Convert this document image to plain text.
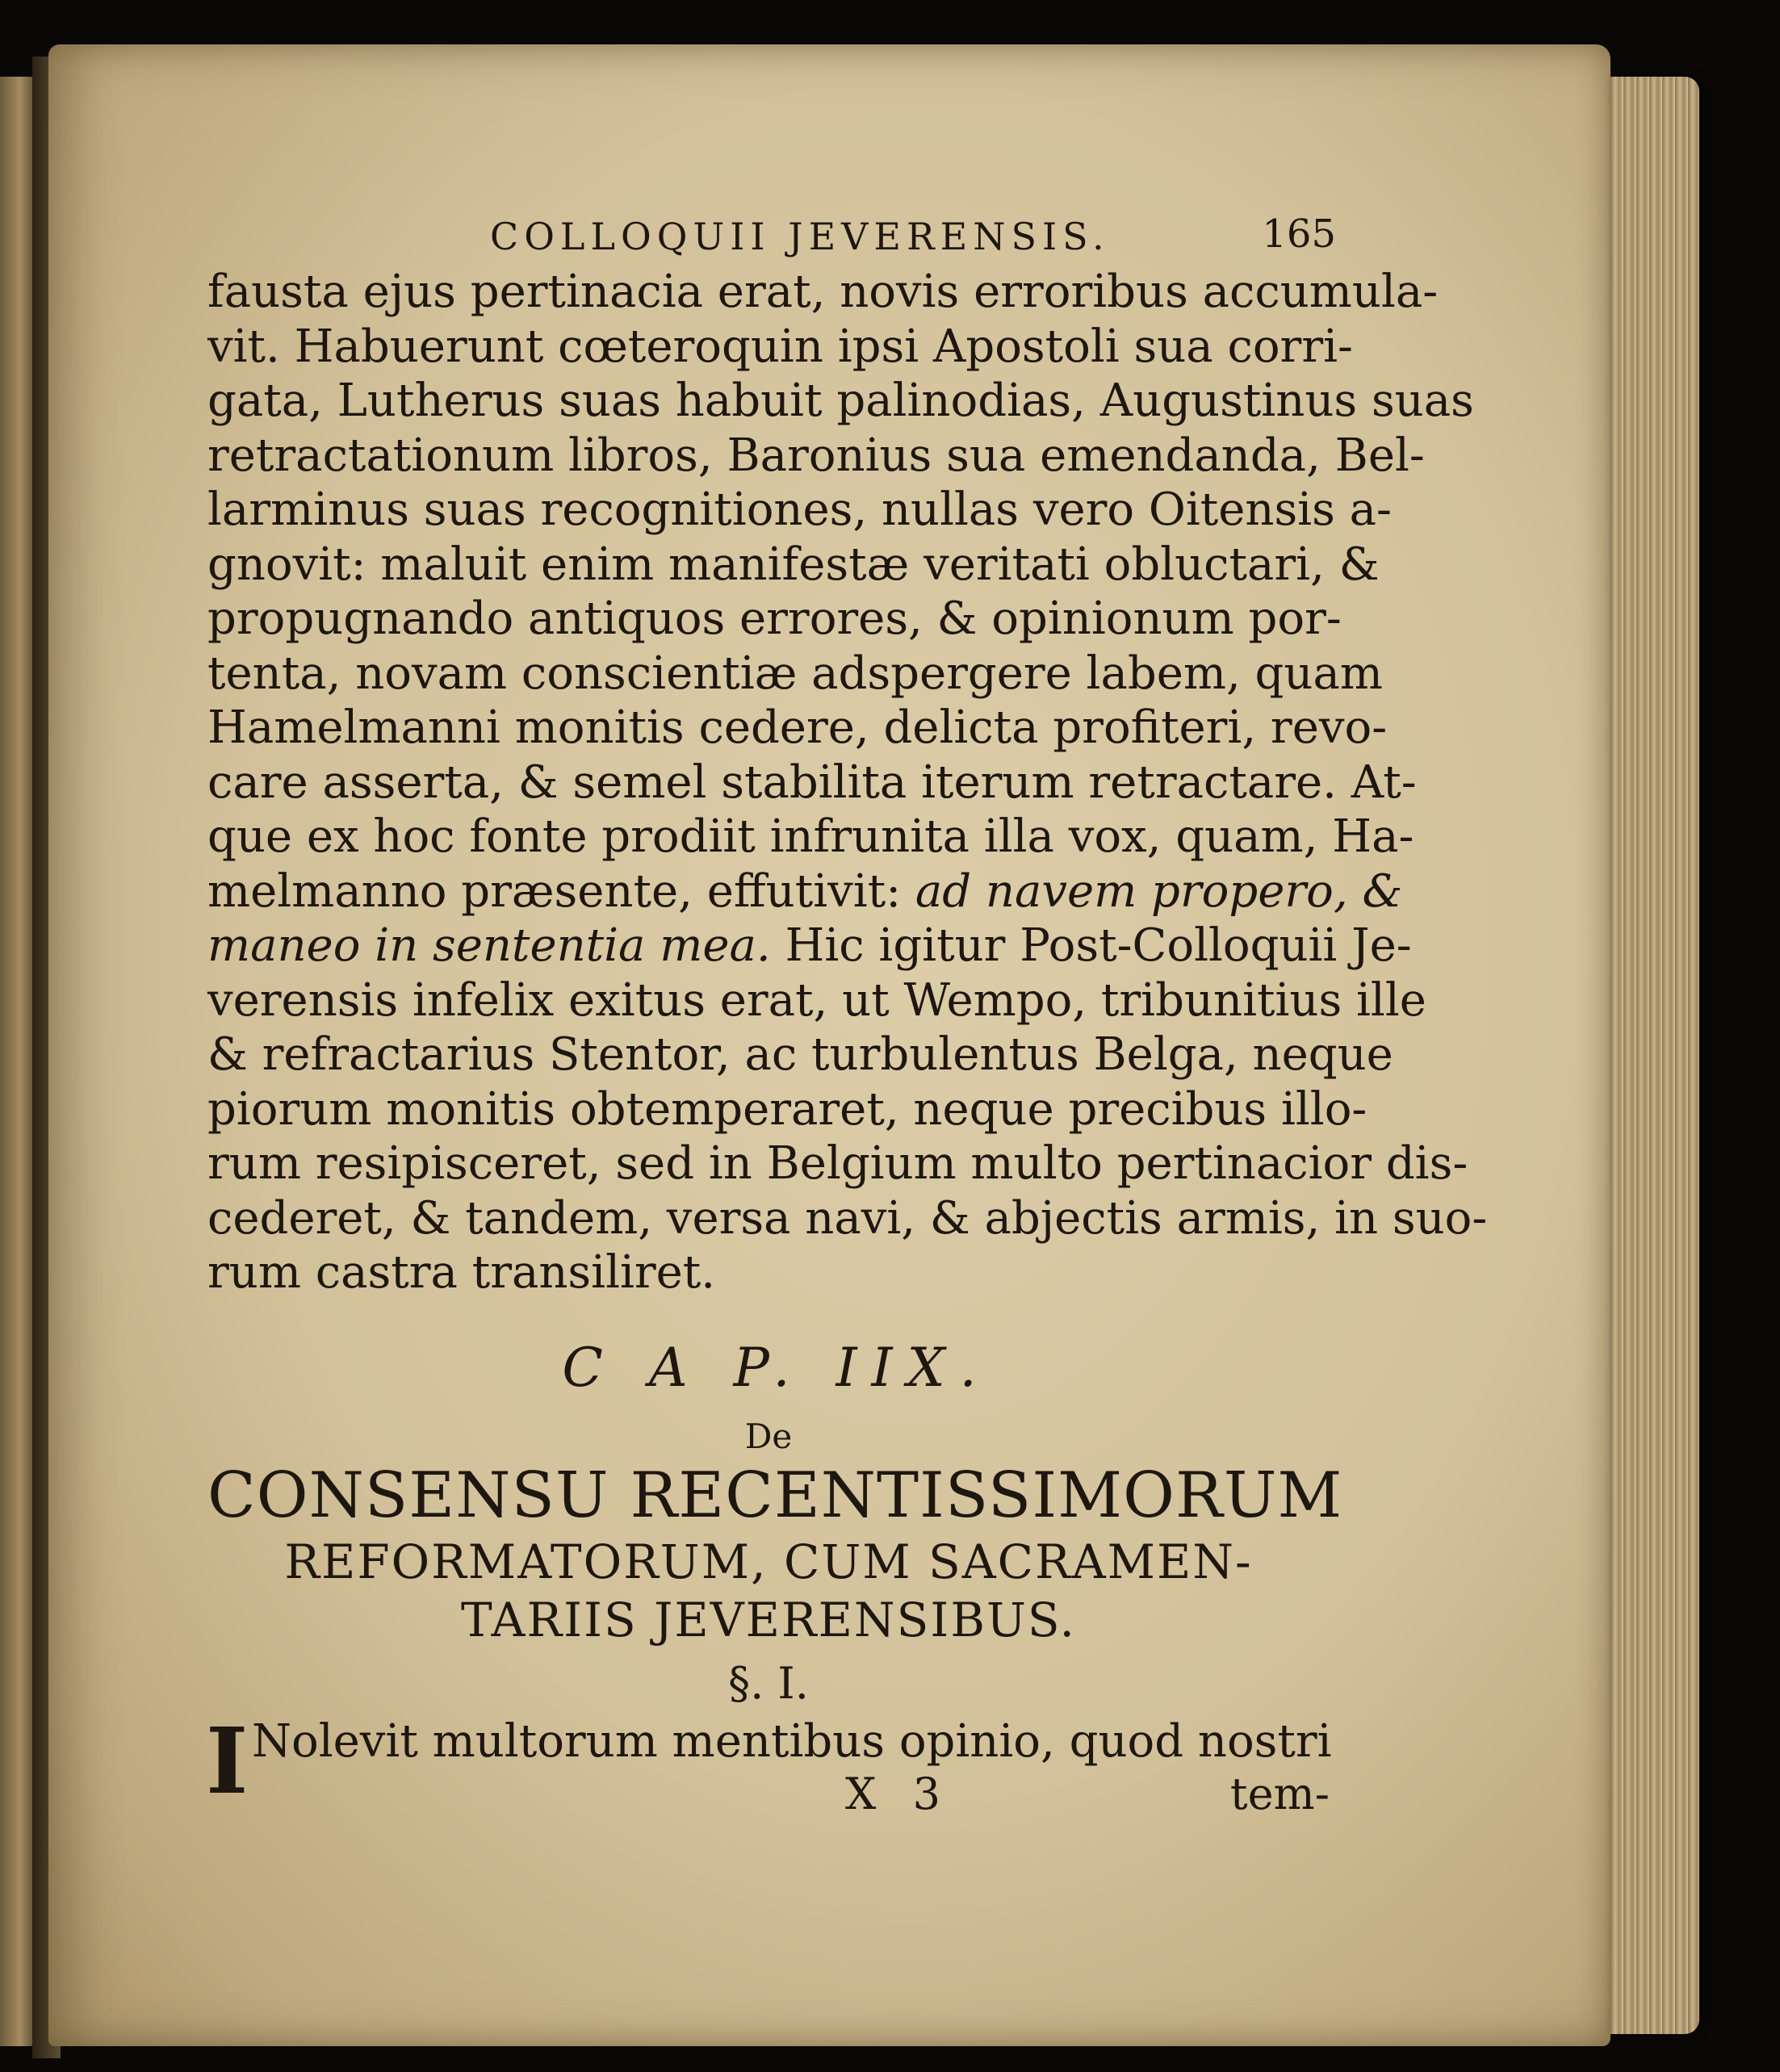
COLLOQUII JEVERENSIS.	165
fausta ejus pertinacia erat, novis erroribus accumula-
vit. Habuerunt cœteroquin ipsi Apostoli sua corri-
gata, Lutherus suas habuit palinodias, Augustinus suas
retractationum libros, Baronius sua emendanda, Bel-
larminus suas recognitiones, nullas vero Oitensis a-
gnovit: maluit enim manifestæ veritati obluctari, &
propugnando antiquos errores, & opinionum por-
tenta, novam conscientiæ adspergere labem, quam
Hamelmanni monitis cedere, delicta profiteri, revo-
care asserta, & semel stabilita iterum retractare. At-
que ex hoc fonte prodiit infrunita illa vox, quam, Ha-
melmanno præsente, effutivit: ad navem propero, &
maneo in sententia mea. Hic igitur Post-Colloquii Je-
verensis infelix exitus erat, ut Wempo, tribunitius ille
& refractarius Stentor, ac turbulentus Belga, neque
piorum monitis obtemperaret, neque precibus illo-
rum resipisceret, sed in Belgium multo pertinacior dis-
cederet, & tandem, versa navi, & abjectis armis, in suo-
rum castra transiliret.
C A P. IIX.
De
CONSENSU RECENTISSIMORUM
REFORMATORUM, CUM SACRAMEN-
TARIIS JEVERENSIBUS.
§. I.
I Nolevit multorum mentibus opinio, quod nostri
X 3	tem-
